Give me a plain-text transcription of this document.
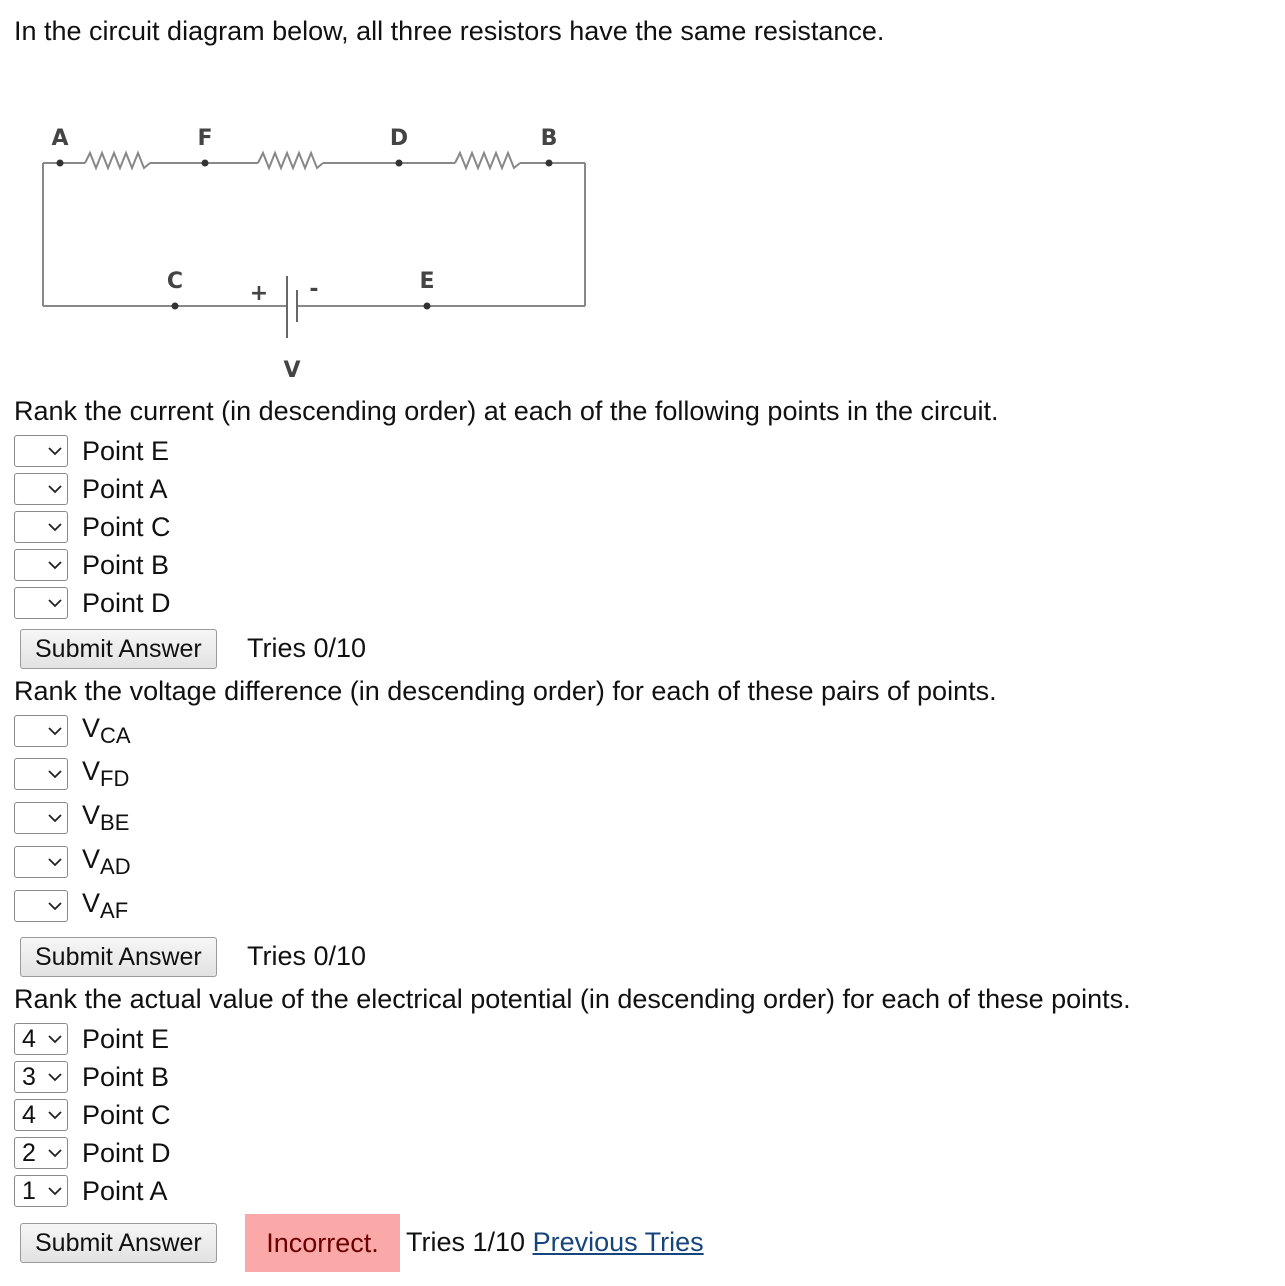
In the circuit diagram below, all three resistors have the same resistance.
A	F	D	B
C	E
+ -
V
Rank the current (in descending order) at each of the following points in the circuit.
Point E
Point A
Point C
Point B
Point D
Submit Answer	Tries 0/10
Rank the voltage difference (in descending order) for each of these pairs of points.
$V_{CA}$
$V_{FD}$
$V_{BE}$
$V_{AD}$
$V_{AF}$
Submit Answer	Tries 0/10
Rank the actual value of the electrical potential (in descending order) for each of these points.
4 Point E
3 Point B
4 Point C
2 Point D
1 Point A
Submit Answer	Incorrect.	Tries 1/10 Previous Tries
